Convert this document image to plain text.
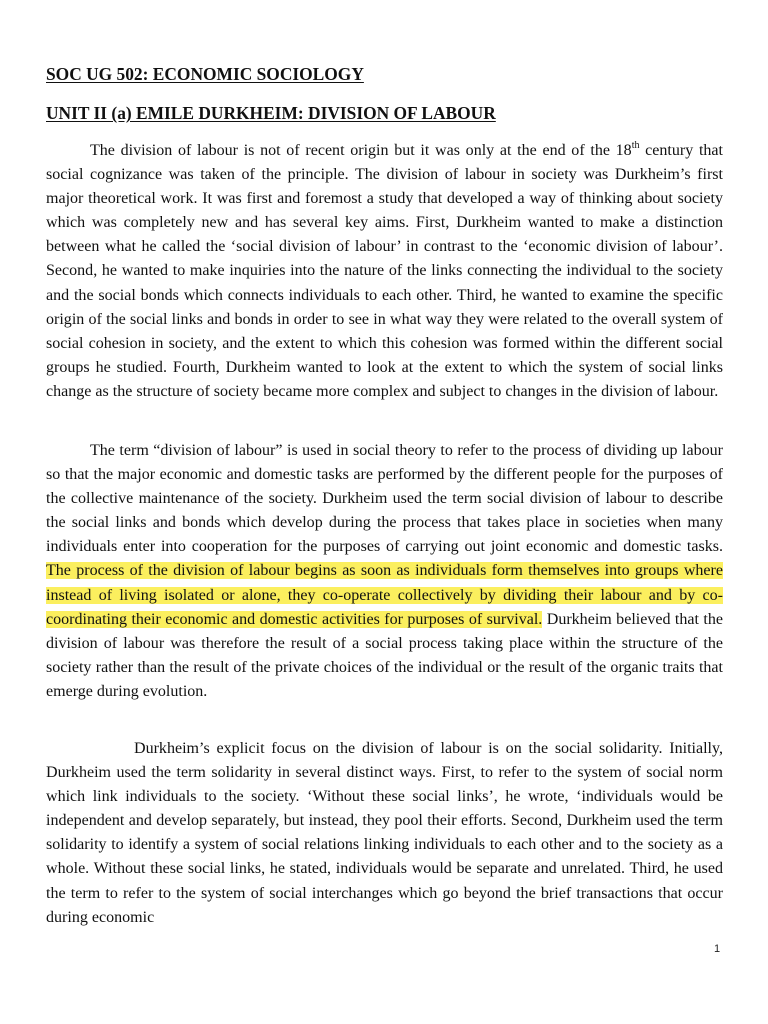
SOC UG 502: ECONOMIC SOCIOLOGY
UNIT II (a) EMILE DURKHEIM: DIVISION OF LABOUR

The division of labour is not of recent origin but it was only at the end of the 18th century that social cognizance was taken of the principle. The division of labour in society was Durkheim’s first major theoretical work. It was first and foremost a study that developed a way of thinking about society which was completely new and has several key aims. First, Durkheim wanted to make a distinction between what he called the ‘social division of labour’ in contrast to the ‘economic division of labour’. Second, he wanted to make inquiries into the nature of the links connecting the individual to the society and the social bonds which connects individuals to each other. Third, he wanted to examine the specific origin of the social links and bonds in order to see in what way they were related to the overall system of social cohesion in society, and the extent to which this cohesion was formed within the different social groups he studied. Fourth, Durkheim wanted to look at the extent to which the system of social links change as the structure of society became more complex and subject to changes in the division of labour.

The term “division of labour” is used in social theory to refer to the process of dividing up labour so that the major economic and domestic tasks are performed by the different people for the purposes of the collective maintenance of the society. Durkheim used the term social division of labour to describe the social links and bonds which develop during the process that takes place in societies when many individuals enter into cooperation for the purposes of carrying out joint economic and domestic tasks. The process of the division of labour begins as soon as individuals form themselves into groups where instead of living isolated or alone, they co-operate collectively by dividing their labour and by co-coordinating their economic and domestic activities for purposes of survival. Durkheim believed that the division of labour was therefore the result of a social process taking place within the structure of the society rather than the result of the private choices of the individual or the result of the organic traits that emerge during evolution.

Durkheim’s explicit focus on the division of labour is on the social solidarity. Initially, Durkheim used the term solidarity in several distinct ways. First, to refer to the system of social norm which link individuals to the society. ‘Without these social links’, he wrote, ‘individuals would be independent and develop separately, but instead, they pool their efforts. Second, Durkheim used the term solidarity to identify a system of social relations linking individuals to each other and to the society as a whole. Without these social links, he stated, individuals would be separate and unrelated. Third, he used the term to refer to the system of social interchanges which go beyond the brief transactions that occur during economic

1
